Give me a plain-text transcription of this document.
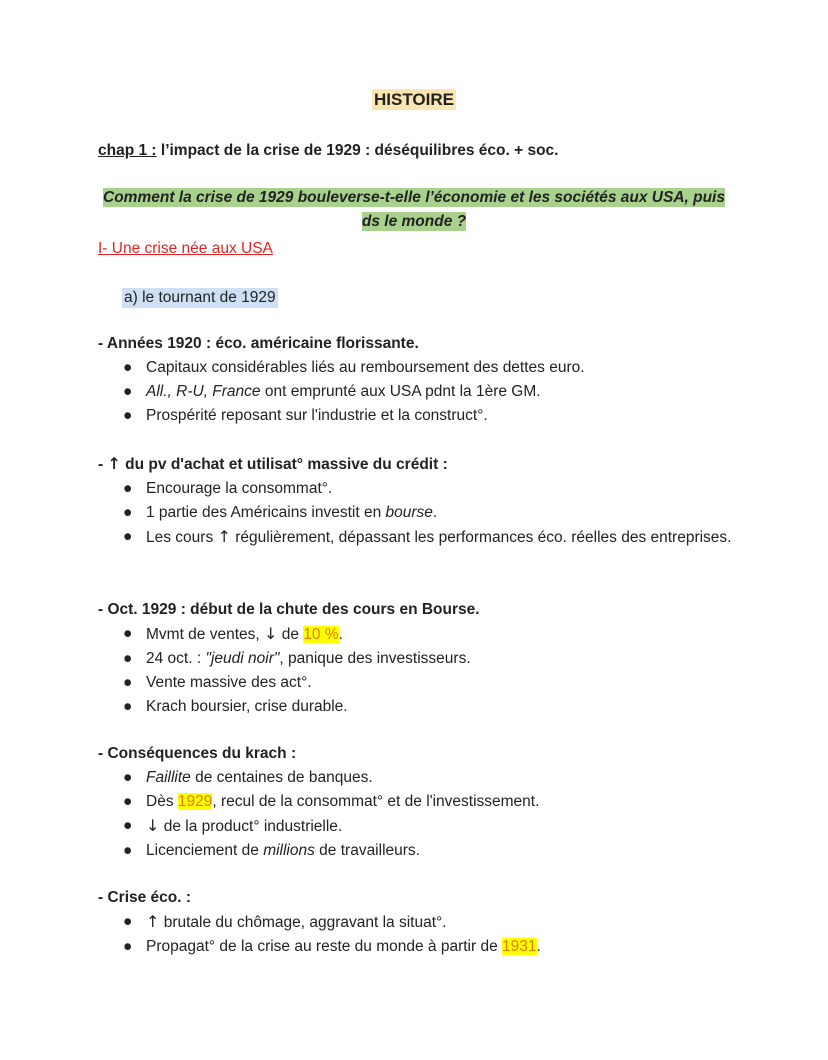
HISTOIRE
chap 1 : l’impact de la crise de 1929 : déséquilibres éco. + soc.
Comment la crise de 1929 bouleverse-t-elle l’économie et les sociétés aux USA, puis ds le monde ?
I- Une crise née aux USA
a) le tournant de 1929
- Années 1920 : éco. américaine florissante.
● Capitaux considérables liés au remboursement des dettes euro.
● All., R-U, France ont emprunté aux USA pdnt la 1ère GM.
● Prospérité reposant sur l'industrie et la construct°.
- ↑ du pv d'achat et utilisat° massive du crédit :
● Encourage la consommat°.
● 1 partie des Américains investit en bourse.
● Les cours ↑ régulièrement, dépassant les performances éco. réelles des entreprises.
- Oct. 1929 : début de la chute des cours en Bourse.
● Mvmt de ventes, ↓ de 10 %.
● 24 oct. : "jeudi noir", panique des investisseurs.
● Vente massive des act°.
● Krach boursier, crise durable.
- Conséquences du krach :
● Faillite de centaines de banques.
● Dès 1929, recul de la consommat° et de l'investissement.
● ↓ de la product° industrielle.
● Licenciement de millions de travailleurs.
- Crise éco. :
● ↑ brutale du chômage, aggravant la situat°.
● Propagat° de la crise au reste du monde à partir de 1931.
